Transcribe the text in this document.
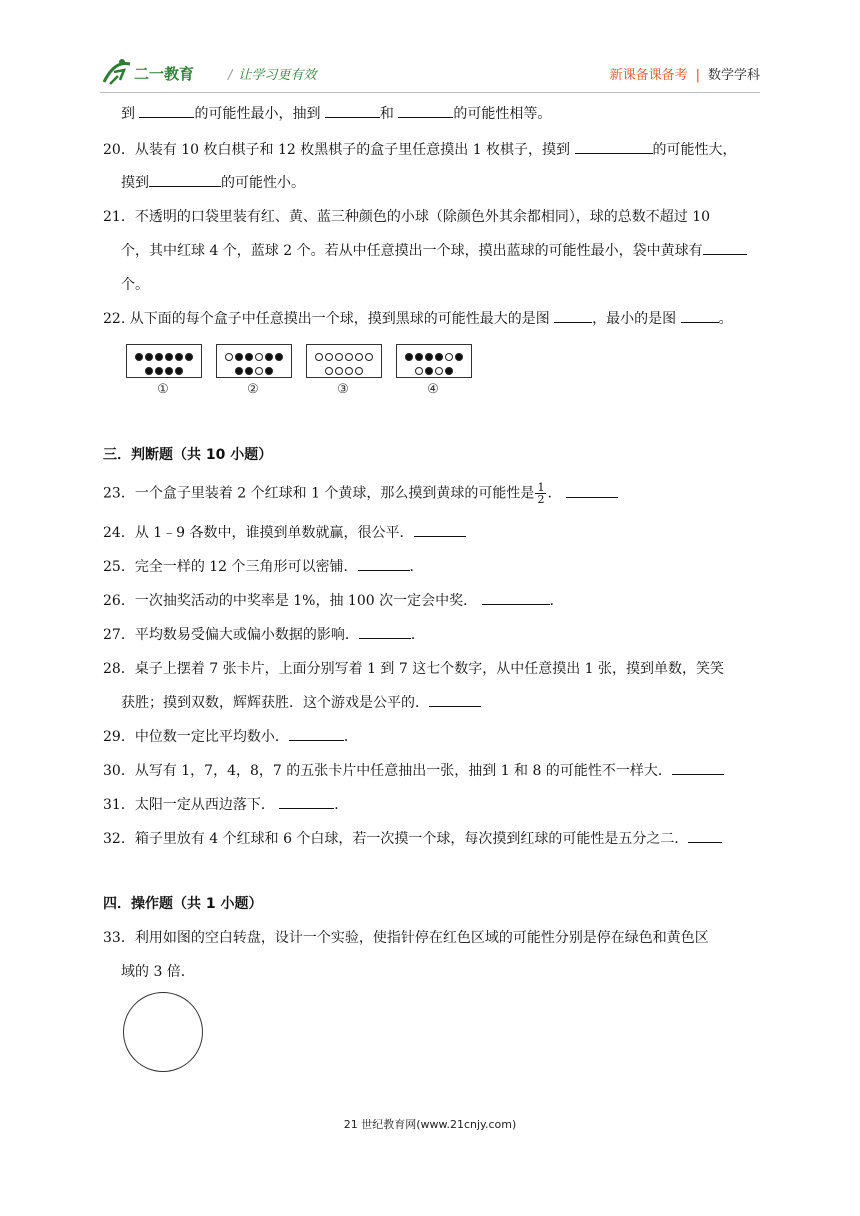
二一教育	/ 让学习更有效	新课备课备考 | 数学学科
到	的可能性最小，抽到	和	的可能性相等。
20．从装有 10 枚白棋子和 12 枚黑棋子的盒子里任意摸出 1 枚棋子，摸到	的可能性大，
摸到	的可能性小。
21．不透明的口袋里装有红、黄、蓝三种颜色的小球（除颜色外其余都相同），球的总数不超过 10
个，其中红球 4 个，蓝球 2 个。若从中任意摸出一个球，摸出蓝球的可能性最小，袋中黄球有
个。
22. 从下面的每个盒子中任意摸出一个球，摸到黑球的可能性最大的是图	，最小的是图	。
①	②	③	④
三．判断题（共 10 小题）
23．一个盒子里装着 2 个红球和 1 个黄球，那么摸到黄球的可能性是 $\frac{1}{2}$ ．
24．从 1﹣9 各数中，谁摸到单数就赢，很公平．
25．完全一样的 12 个三角形可以密铺．	．
26．一次抽奖活动的中奖率是 1%，抽 100 次一定会中奖．	．
27．平均数易受偏大或偏小数据的影响．	．
28．桌子上摆着 7 张卡片，上面分别写着 1 到 7 这七个数字，从中任意摸出 1 张，摸到单数，笑笑
获胜；摸到双数，辉辉获胜．这个游戏是公平的．
29．中位数一定比平均数小．	．
30．从写有 1，7，4，8，7 的五张卡片中任意抽出一张，抽到 1 和 8 的可能性不一样大．
31．太阳一定从西边落下．	．
32．箱子里放有 4 个红球和 6 个白球，若一次摸一个球，每次摸到红球的可能性是五分之二．
四．操作题（共 1 小题）
33．利用如图的空白转盘，设计一个实验，使指针停在红色区域的可能性分别是停在绿色和黄色区
域的 3 倍．
21 世纪教育网(www.21cnjy.com)
